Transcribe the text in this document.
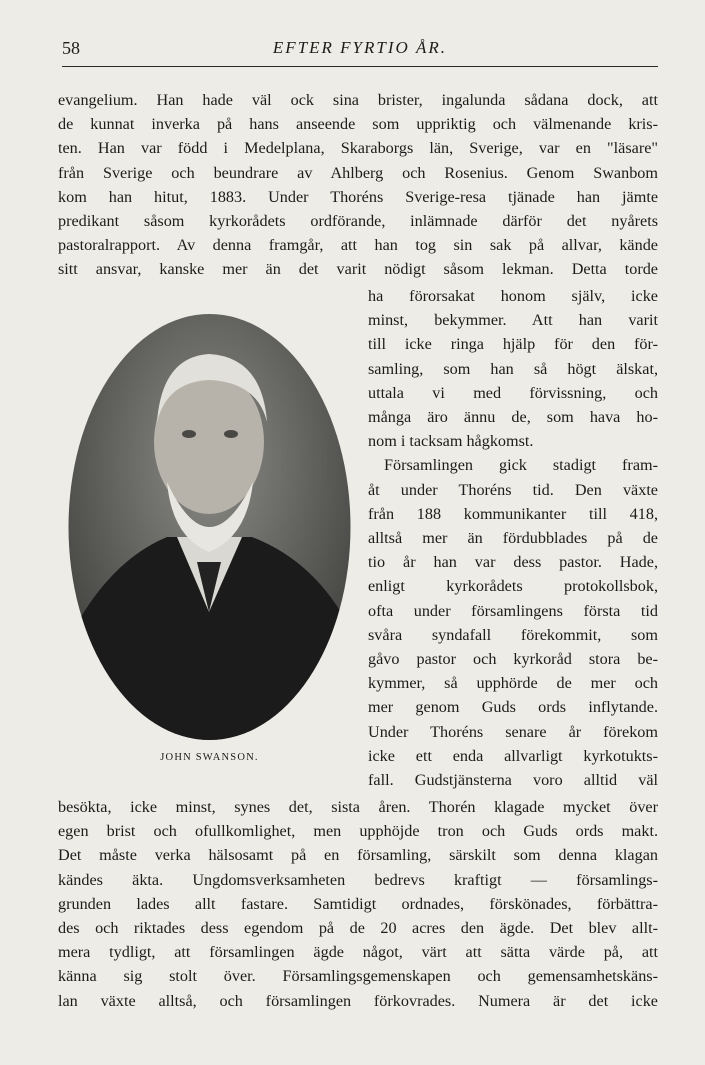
58	EFTER FYRTIO ÅR.
evangelium. Han hade väl ock sina brister, ingalunda sådana dock, att
de kunnat inverka på hans anseende som uppriktig och välmenande kris-
ten. Han var född i Medelplana, Skaraborgs län, Sverige, var en "läsare"
från Sverige och beundrare av Ahlberg och Rosenius. Genom Swanbom
kom han hitut, 1883. Under Thoréns Sverige-resa tjänade han jämte
predikant såsom kyrkorådets ordförande, inlämnade därför det nyårets
pastoralrapport. Av denna framgår, att han tog sin sak på allvar, kände
sitt ansvar, kanske mer än det varit nödigt såsom lekman. Detta torde
JOHN SWANSON.
ha förorsakat honom själv, icke
minst, bekymmer. Att han varit
till icke ringa hjälp för den för-
samling, som han så högt älskat,
uttala vi med förvissning, och
många äro ännu de, som hava ho-
nom i tacksam hågkomst.
Församlingen gick stadigt fram-
åt under Thoréns tid. Den växte
från 188 kommunikanter till 418,
alltså mer än fördubblades på de
tio år han var dess pastor. Hade,
enligt kyrkorådets protokollsbok,
ofta under församlingens första tid
svåra syndafall förekommit, som
gåvo pastor och kyrkoråd stora be-
kymmer, så upphörde de mer och
mer genom Guds ords inflytande.
Under Thoréns senare år förekom
icke ett enda allvarligt kyrkotukts-
fall. Gudstjänsterna voro alltid väl
besökta, icke minst, synes det, sista åren. Thorén klagade mycket över
egen brist och ofullkomlighet, men upphöjde tron och Guds ords makt.
Det måste verka hälsosamt på en församling, särskilt som denna klagan
kändes äkta. Ungdomsverksamheten bedrevs kraftigt — församlings-
grunden lades allt fastare. Samtidigt ordnades, förskönades, förbättra-
des och riktades dess egendom på de 20 acres den ägde. Det blev allt-
mera tydligt, att församlingen ägde något, värt att sätta värde på, att
känna sig stolt över. Församlingsgemenskapen och gemensamhetskäns-
lan växte alltså, och församlingen förkovrades. Numera är det icke
